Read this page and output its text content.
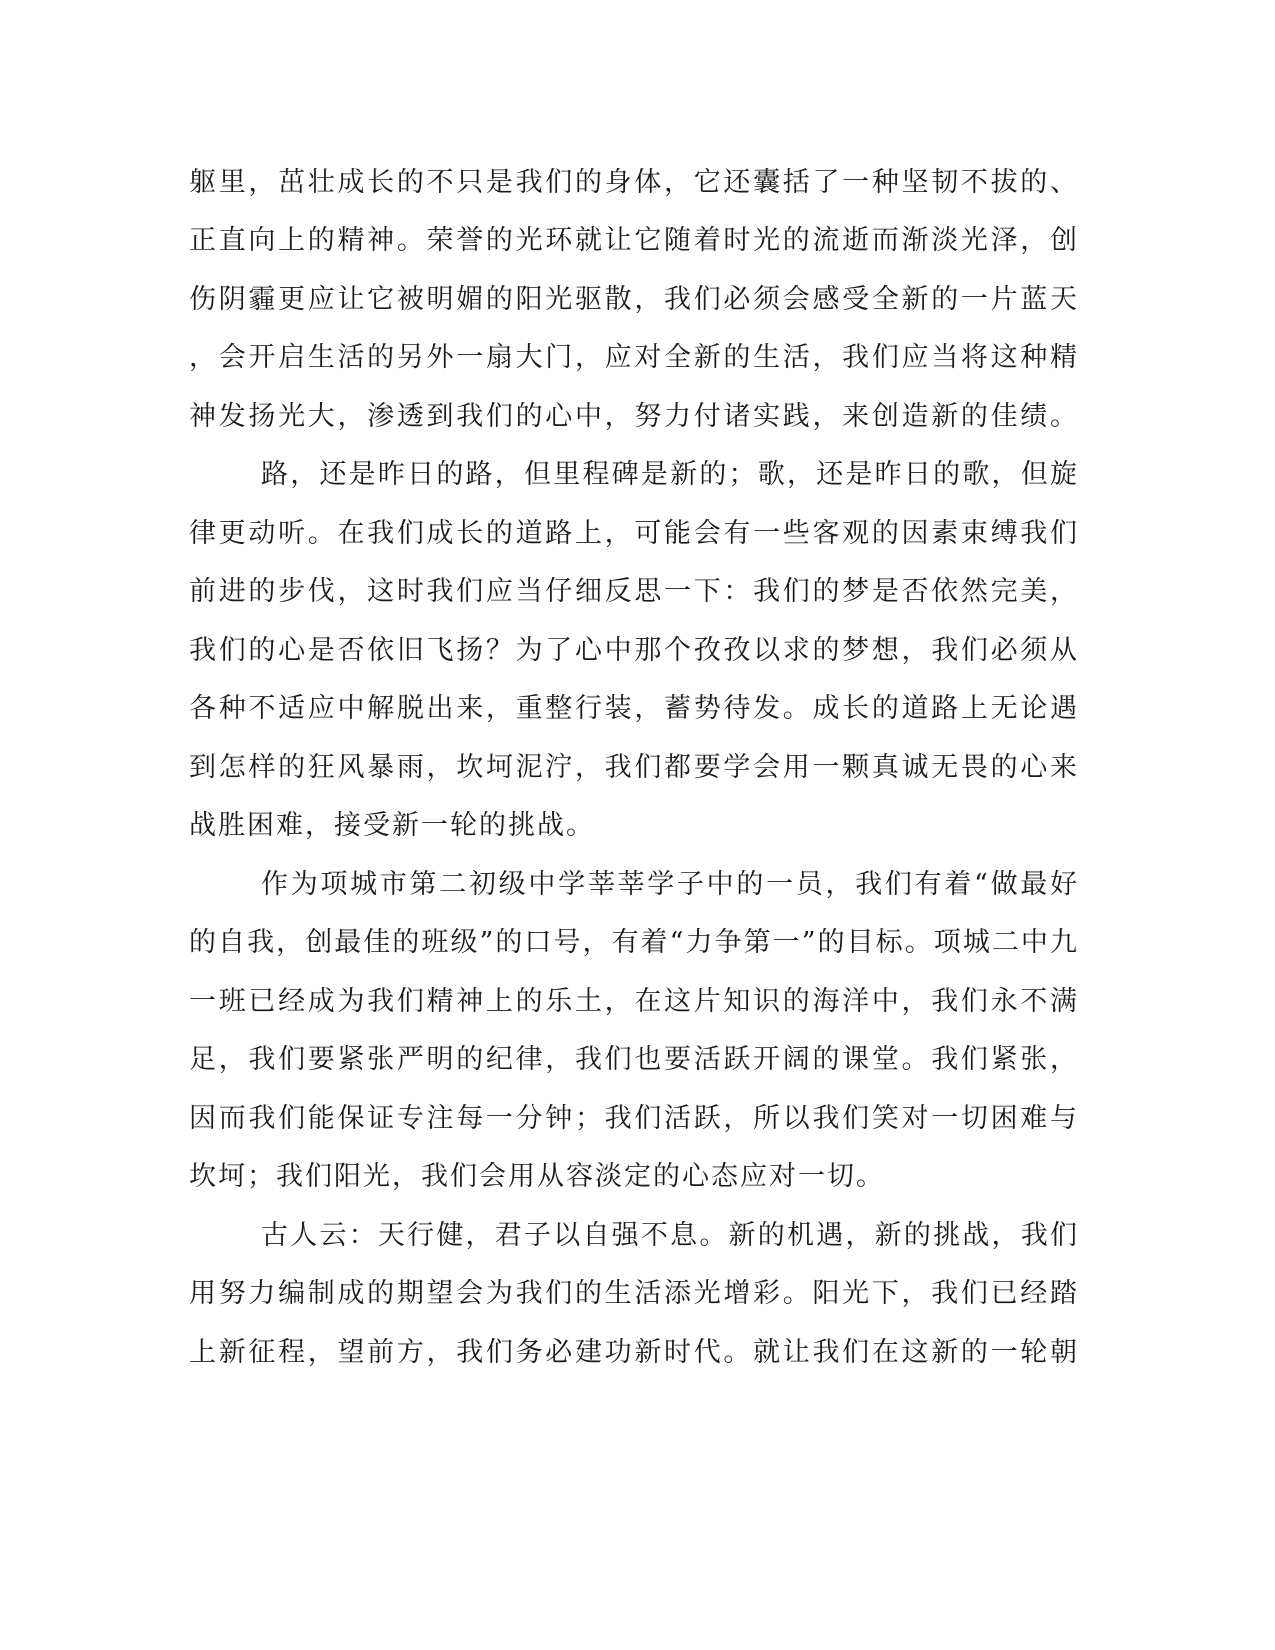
躯里，茁壮成长的不只是我们的身体，它还囊括了一种坚韧不拔的、
正直向上的精神。荣誉的光环就让它随着时光的流逝而渐淡光泽，创
伤阴霾更应让它被明媚的阳光驱散，我们必须会感受全新的一片蓝天
，会开启生活的另外一扇大门，应对全新的生活，我们应当将这种精
神发扬光大，渗透到我们的心中，努力付诸实践，来创造新的佳绩。
路，还是昨日的路，但里程碑是新的；歌，还是昨日的歌，但旋
律更动听。在我们成长的道路上，可能会有一些客观的因素束缚我们
前进的步伐，这时我们应当仔细反思一下：我们的梦是否依然完美，
我们的心是否依旧飞扬？为了心中那个孜孜以求的梦想，我们必须从
各种不适应中解脱出来，重整行装，蓄势待发。成长的道路上无论遇
到怎样的狂风暴雨，坎坷泥泞，我们都要学会用一颗真诚无畏的心来
战胜困难，接受新一轮的挑战。
作为项城市第二初级中学莘莘学子中的一员，我们有着“做最好
的自我，创最佳的班级”的口号，有着“力争第一”的目标。项城二中九
一班已经成为我们精神上的乐土，在这片知识的海洋中，我们永不满
足，我们要紧张严明的纪律，我们也要活跃开阔的课堂。我们紧张，
因而我们能保证专注每一分钟；我们活跃，所以我们笑对一切困难与
坎坷；我们阳光，我们会用从容淡定的心态应对一切。
古人云：天行健，君子以自强不息。新的机遇，新的挑战，我们
用努力编制成的期望会为我们的生活添光增彩。阳光下，我们已经踏
上新征程，望前方，我们务必建功新时代。就让我们在这新的一轮朝
